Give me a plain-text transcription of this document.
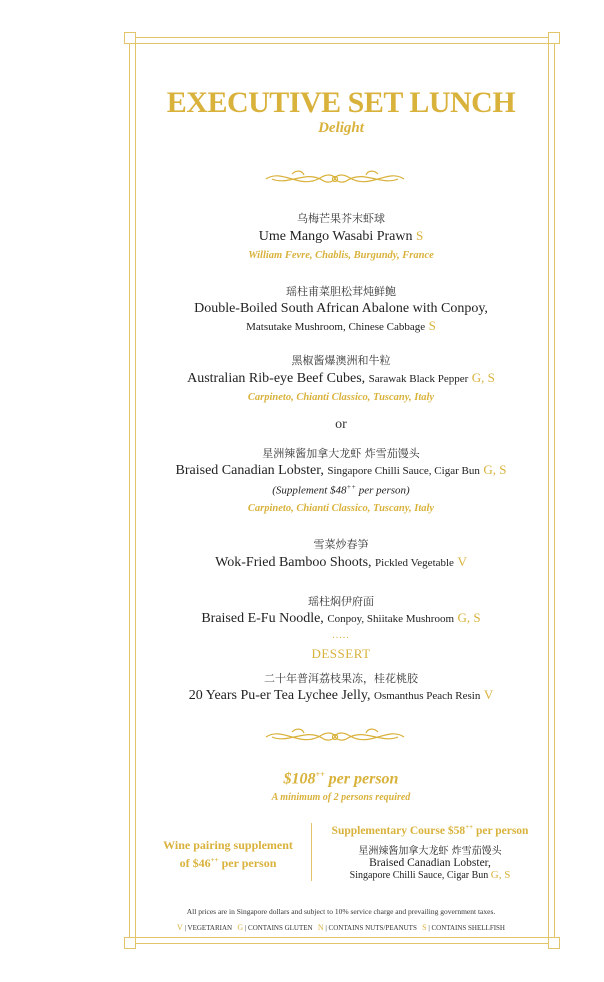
EXECUTIVE SET LUNCH
Delight
乌梅芒果芥末虾球
Ume Mango Wasabi Prawn S
William Fevre, Chablis, Burgundy, France
瑶柱甫菜胆松茸炖鲜鲍
Double-Boiled South African Abalone with Conpoy,
Matsutake Mushroom, Chinese Cabbage S
黑椒酱爆澳洲和牛粒
Australian Rib-eye Beef Cubes, Sarawak Black Pepper G, S
Carpineto, Chianti Classico, Tuscany, Italy
or
星洲辣酱加拿大龙虾 炸雪茄馒头
Braised Canadian Lobster, Singapore Chilli Sauce, Cigar Bun G, S
(Supplement $48++ per person)
Carpineto, Chianti Classico, Tuscany, Italy
雪菜炒春笋
Wok-Fried Bamboo Shoots, Pickled Vegetable V
瑶柱焖伊府面
Braised E-Fu Noodle, Conpoy, Shiitake Mushroom G, S
.....
DESSERT
二十年普洱荔枝果冻，桂花桃胶
20 Years Pu-er Tea Lychee Jelly, Osmanthus Peach Resin V
$108++ per person
A minimum of 2 persons required
Wine pairing supplement
of $46++ per person
Supplementary Course $58++ per person
星洲辣酱加拿大龙虾 炸雪茄馒头
Braised Canadian Lobster,
Singapore Chilli Sauce, Cigar Bun G, S
All prices are in Singapore dollars and subject to 10% service charge and prevailing government taxes.
V | VEGETARIAN G | CONTAINS GLUTEN N | CONTAINS NUTS/PEANUTS S | CONTAINS SHELLFISH
